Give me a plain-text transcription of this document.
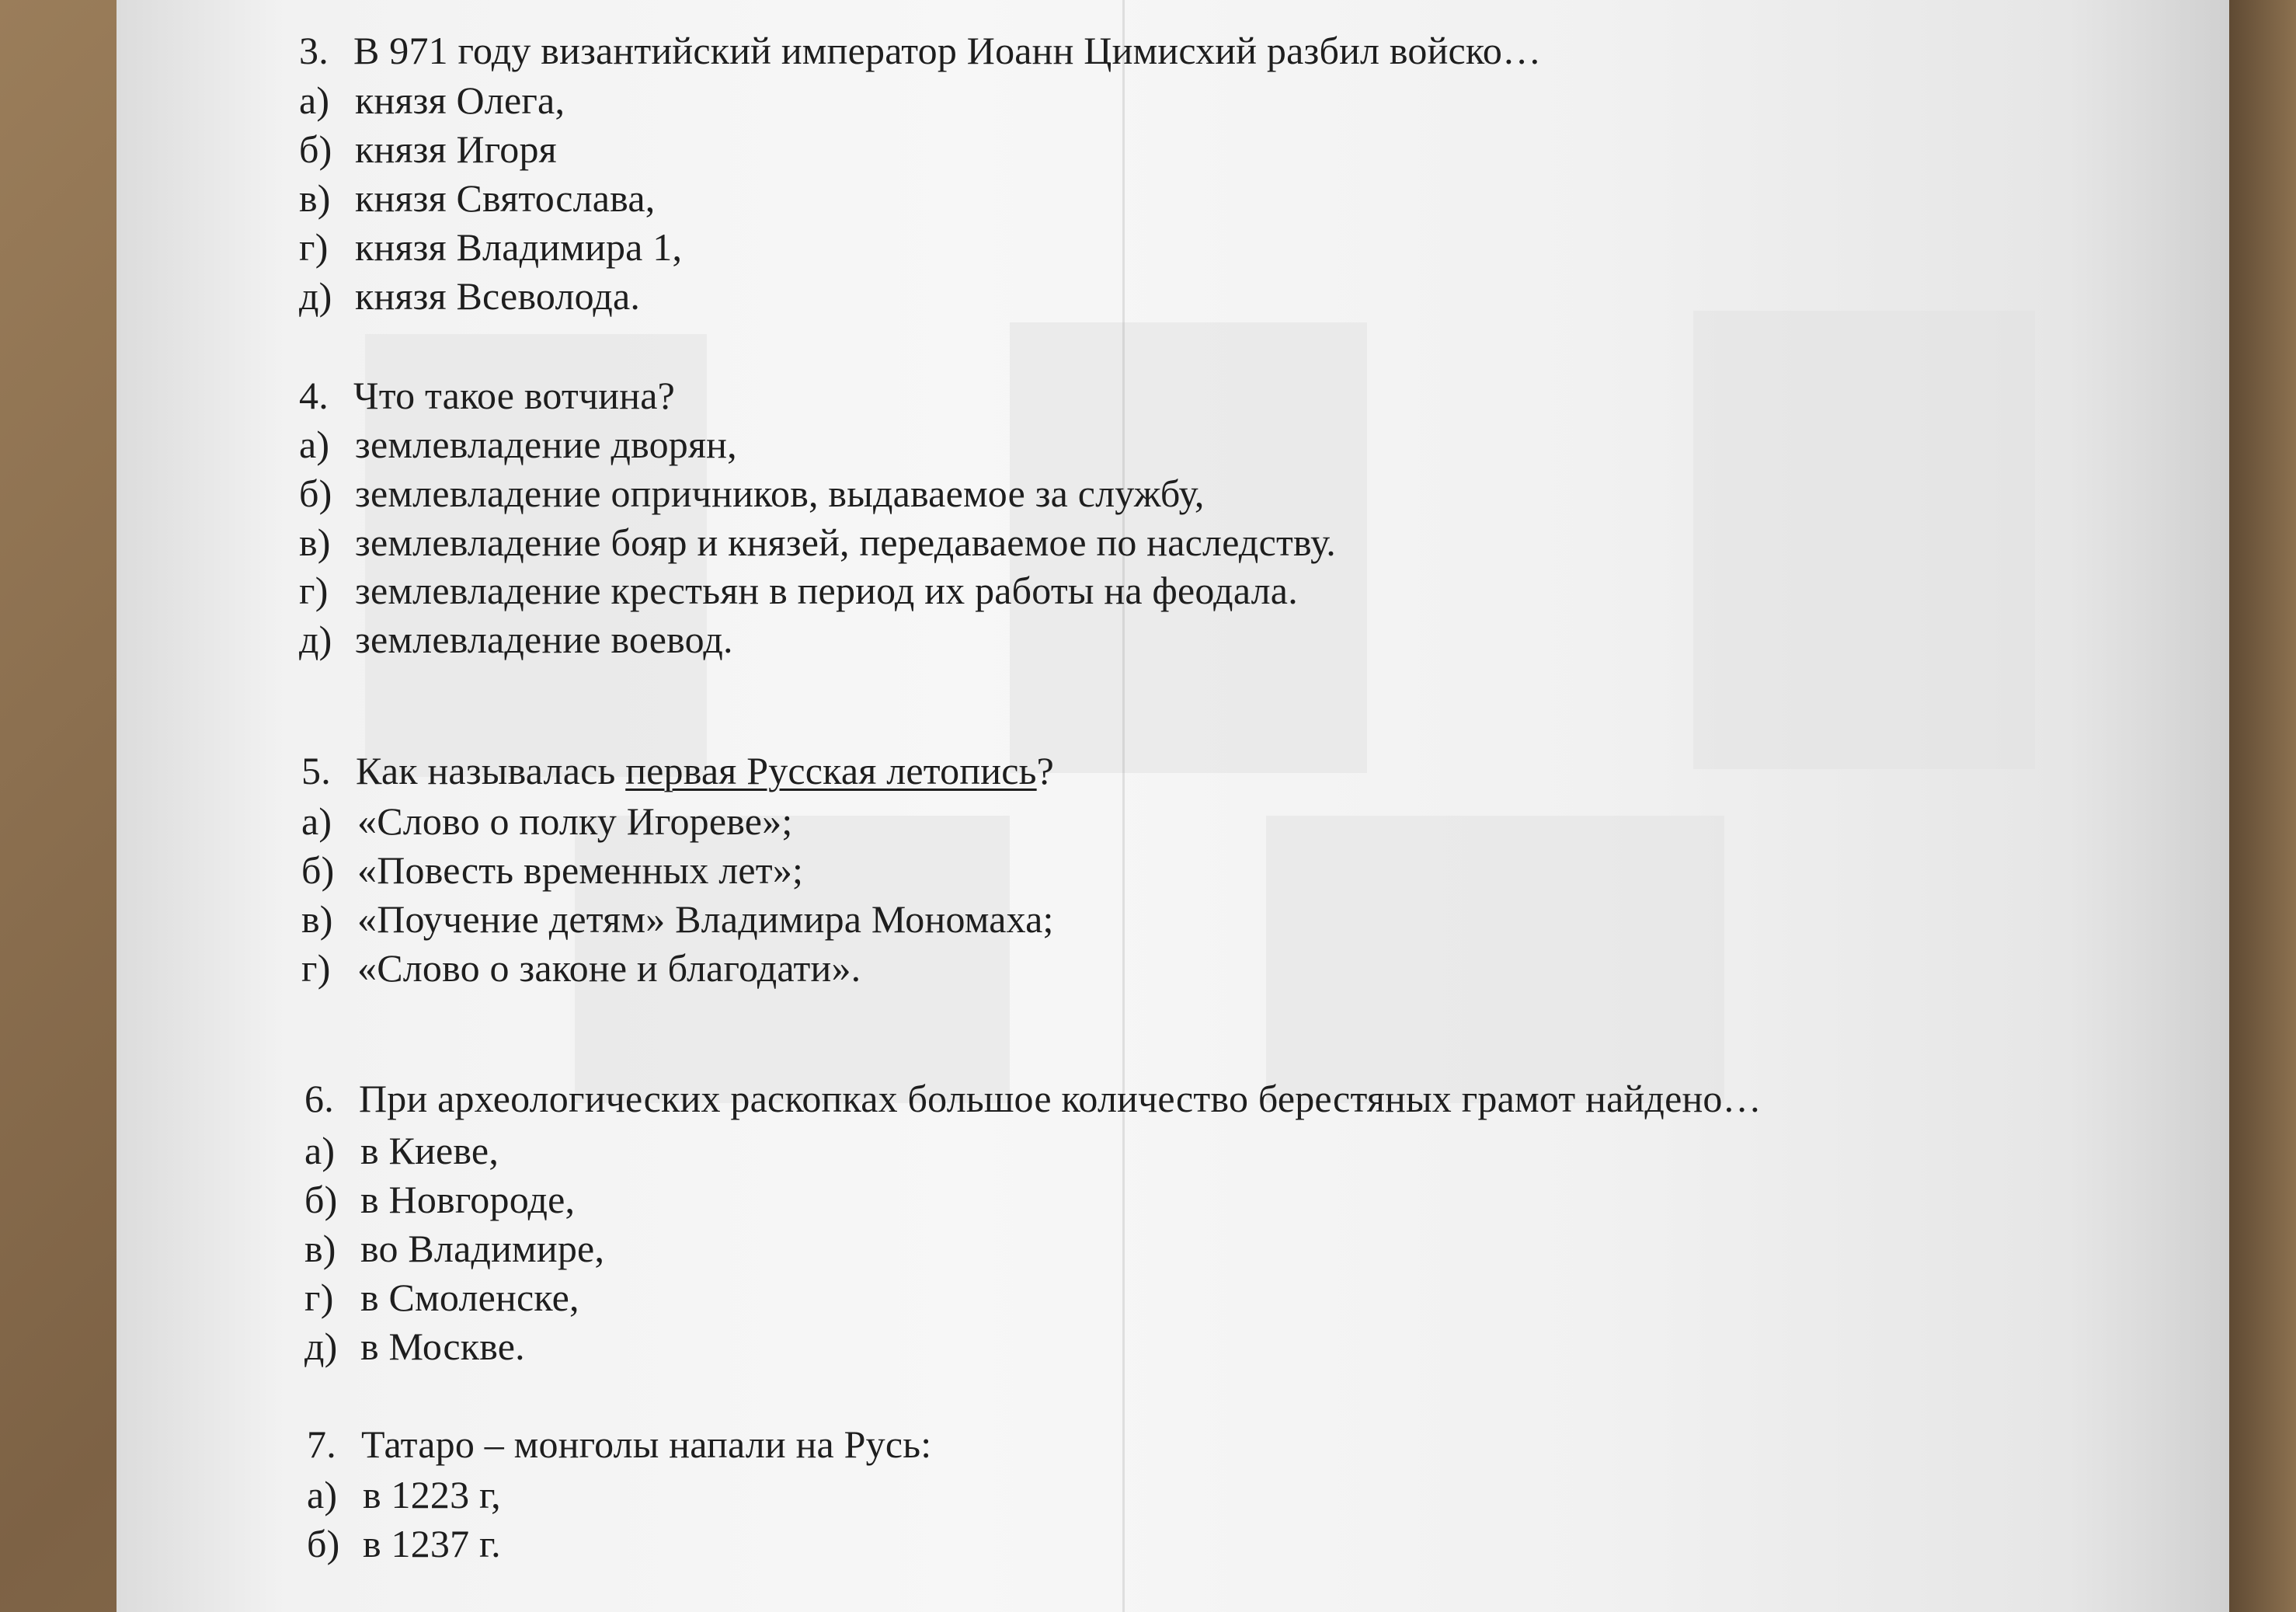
3. В 971 году византийский император Иоанн Цимисхий разбил войско…
а) князя Олега,
б) князя Игоря
в) князя Святослава,
г) князя Владимира 1,
д) князя Всеволода.
4. Что такое вотчина?
а) землевладение дворян,
б) землевладение опричников, выдаваемое за службу,
в) землевладение бояр и князей, передаваемое по наследству.
г) землевладение крестьян в период их работы на феодала.
д) землевладение воевод.
5. Как называлась первая Русская летопись?
а) «Слово о полку Игореве»;
б) «Повесть временных лет»;
в) «Поучение детям» Владимира Мономаха;
г) «Слово о законе и благодати».
6. При археологических раскопках большое количество берестяных грамот найдено…
а) в Киеве,
б) в Новгороде,
в) во Владимире,
г) в Смоленске,
д) в Москве.
7. Татаро – монголы напали на Русь:
а) в 1223 г,
б) в 1237 г.
